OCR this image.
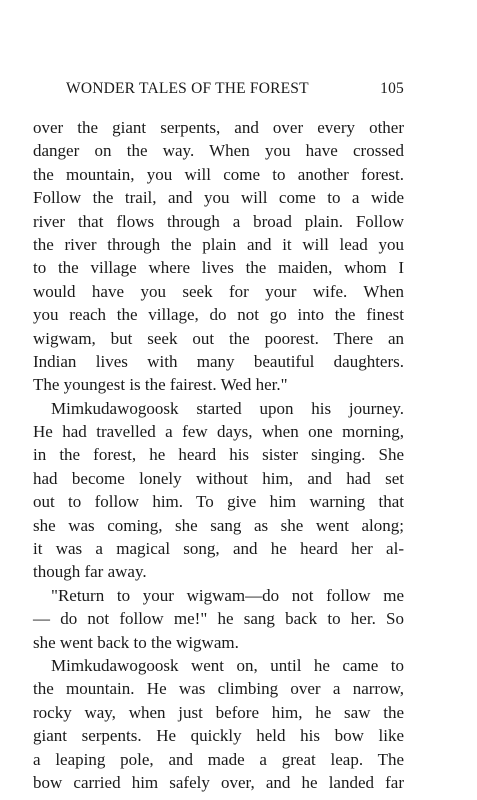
WONDER TALES OF THE FOREST	105
over the giant serpents, and over every other
danger on the way. When you have crossed
the mountain, you will come to another forest.
Follow the trail, and you will come to a wide
river that flows through a broad plain. Follow
the river through the plain and it will lead you
to the village where lives the maiden, whom I
would have you seek for your wife. When
you reach the village, do not go into the finest
wigwam, but seek out the poorest. There an
Indian lives with many beautiful daughters.
The youngest is the fairest. Wed her."
Mimkudawogoosk started upon his journey.
He had travelled a few days, when one morning,
in the forest, he heard his sister singing. She
had become lonely without him, and had set
out to follow him. To give him warning that
she was coming, she sang as she went along;
it was a magical song, and he heard her al-
though far away.
"Return to your wigwam—do not follow me
— do not follow me!" he sang back to her. So
she went back to the wigwam.
Mimkudawogoosk went on, until he came to
the mountain. He was climbing over a narrow,
rocky way, when just before him, he saw the
giant serpents. He quickly held his bow like
a leaping pole, and made a great leap. The
bow carried him safely over, and he landed far
